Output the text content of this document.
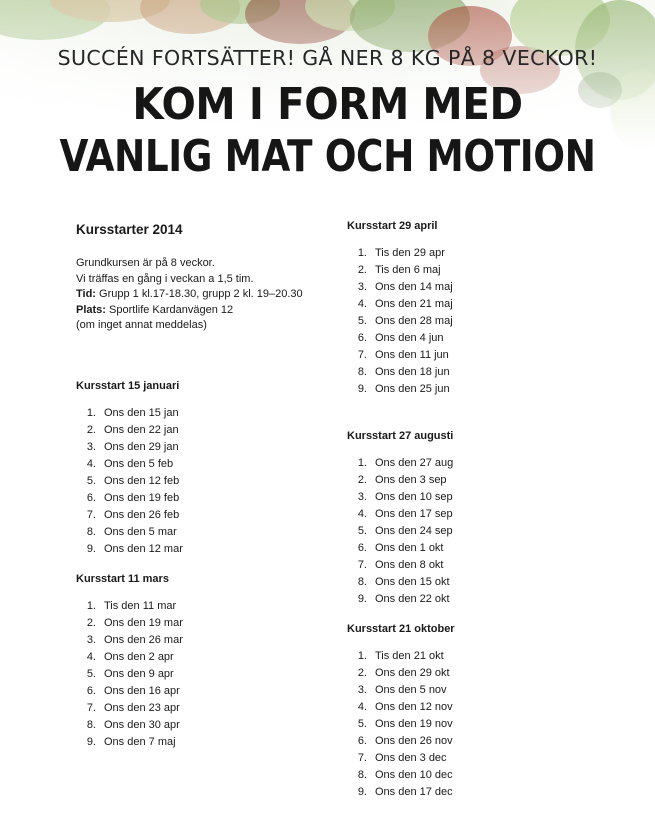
SUCCÉN FORTSÄTTER! GÅ NER 8 KG PÅ 8 VECKOR!
KOM I FORM MED
VANLIG MAT OCH MOTION
Kursstarter 2014
Grundkursen är på 8 veckor.
Vi träffas en gång i veckan a 1,5 tim.
Tid: Grupp 1 kl.17-18.30, grupp 2 kl. 19–20.30
Plats: Sportlife Kardanvägen 12
(om inget annat meddelas)
Kursstart 15 januari
1. Ons den 15 jan
2. Ons den 22 jan
3. Ons den 29 jan
4. Ons den 5 feb
5. Ons den 12 feb
6. Ons den 19 feb
7. Ons den 26 feb
8. Ons den 5 mar
9. Ons den 12 mar
Kursstart 11 mars
1. Tis den 11 mar
2. Ons den 19 mar
3. Ons den 26 mar
4. Ons den 2 apr
5. Ons den 9 apr
6. Ons den 16 apr
7. Ons den 23 apr
8. Ons den 30 apr
9. Ons den 7 maj
Kursstart 29 april
1. Tis den 29 apr
2. Tis den 6 maj
3. Ons den 14 maj
4. Ons den 21 maj
5. Ons den 28 maj
6. Ons den 4 jun
7. Ons den 11 jun
8. Ons den 18 jun
9. Ons den 25 jun
Kursstart 27 augusti
1. Ons den 27 aug
2. Ons den 3 sep
3. Ons den 10 sep
4. Ons den 17 sep
5. Ons den 24 sep
6. Ons den 1 okt
7. Ons den 8 okt
8. Ons den 15 okt
9. Ons den 22 okt
Kursstart 21 oktober
1. Tis den 21 okt
2. Ons den 29 okt
3. Ons den 5 nov
4. Ons den 12 nov
5. Ons den 19 nov
6. Ons den 26 nov
7. Ons den 3 dec
8. Ons den 10 dec
9. Ons den 17 dec
